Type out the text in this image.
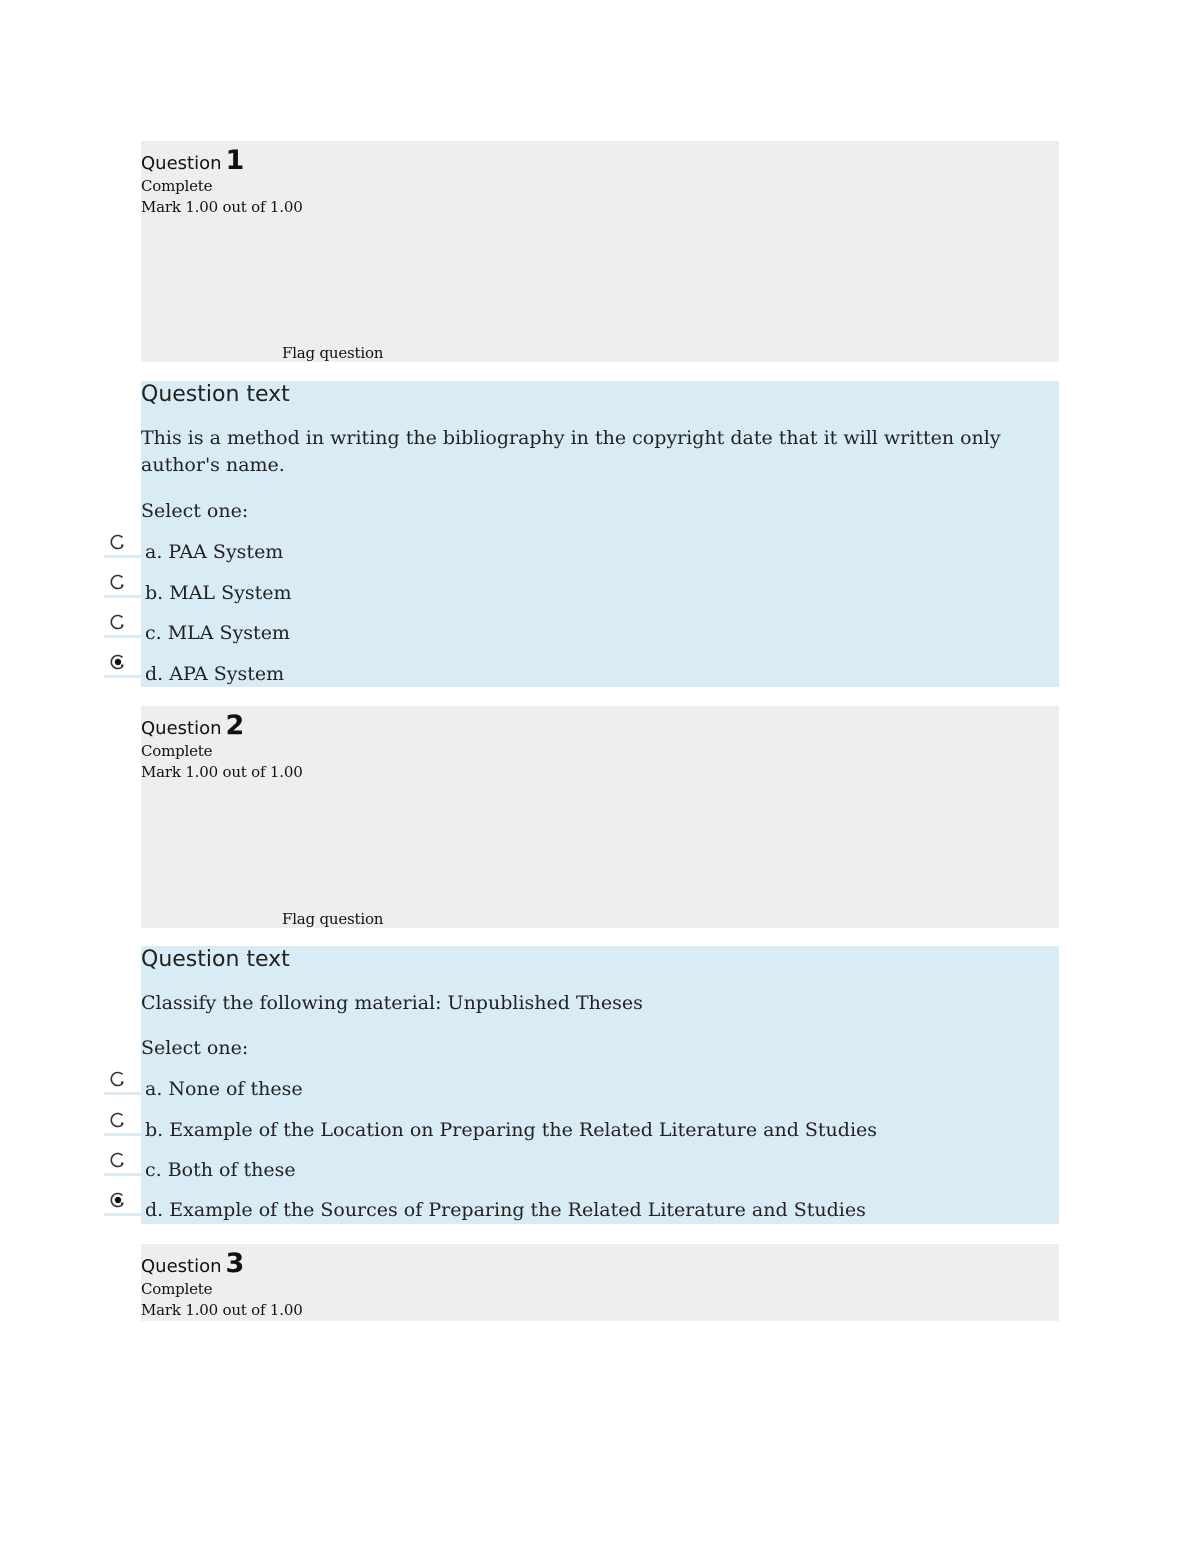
Question 1
Complete
Mark 1.00 out of 1.00
Flag question
Question text
This is a method in writing the bibliography in the copyright date that it will written only author's name.
Select one:
a. PAA System
b. MAL System
c. MLA System
d. APA System
Question 2
Complete
Mark 1.00 out of 1.00
Flag question
Question text
Classify the following material: Unpublished Theses
Select one:
a. None of these
b. Example of the Location on Preparing the Related Literature and Studies
c. Both of these
d. Example of the Sources of Preparing the Related Literature and Studies
Question 3
Complete
Mark 1.00 out of 1.00
